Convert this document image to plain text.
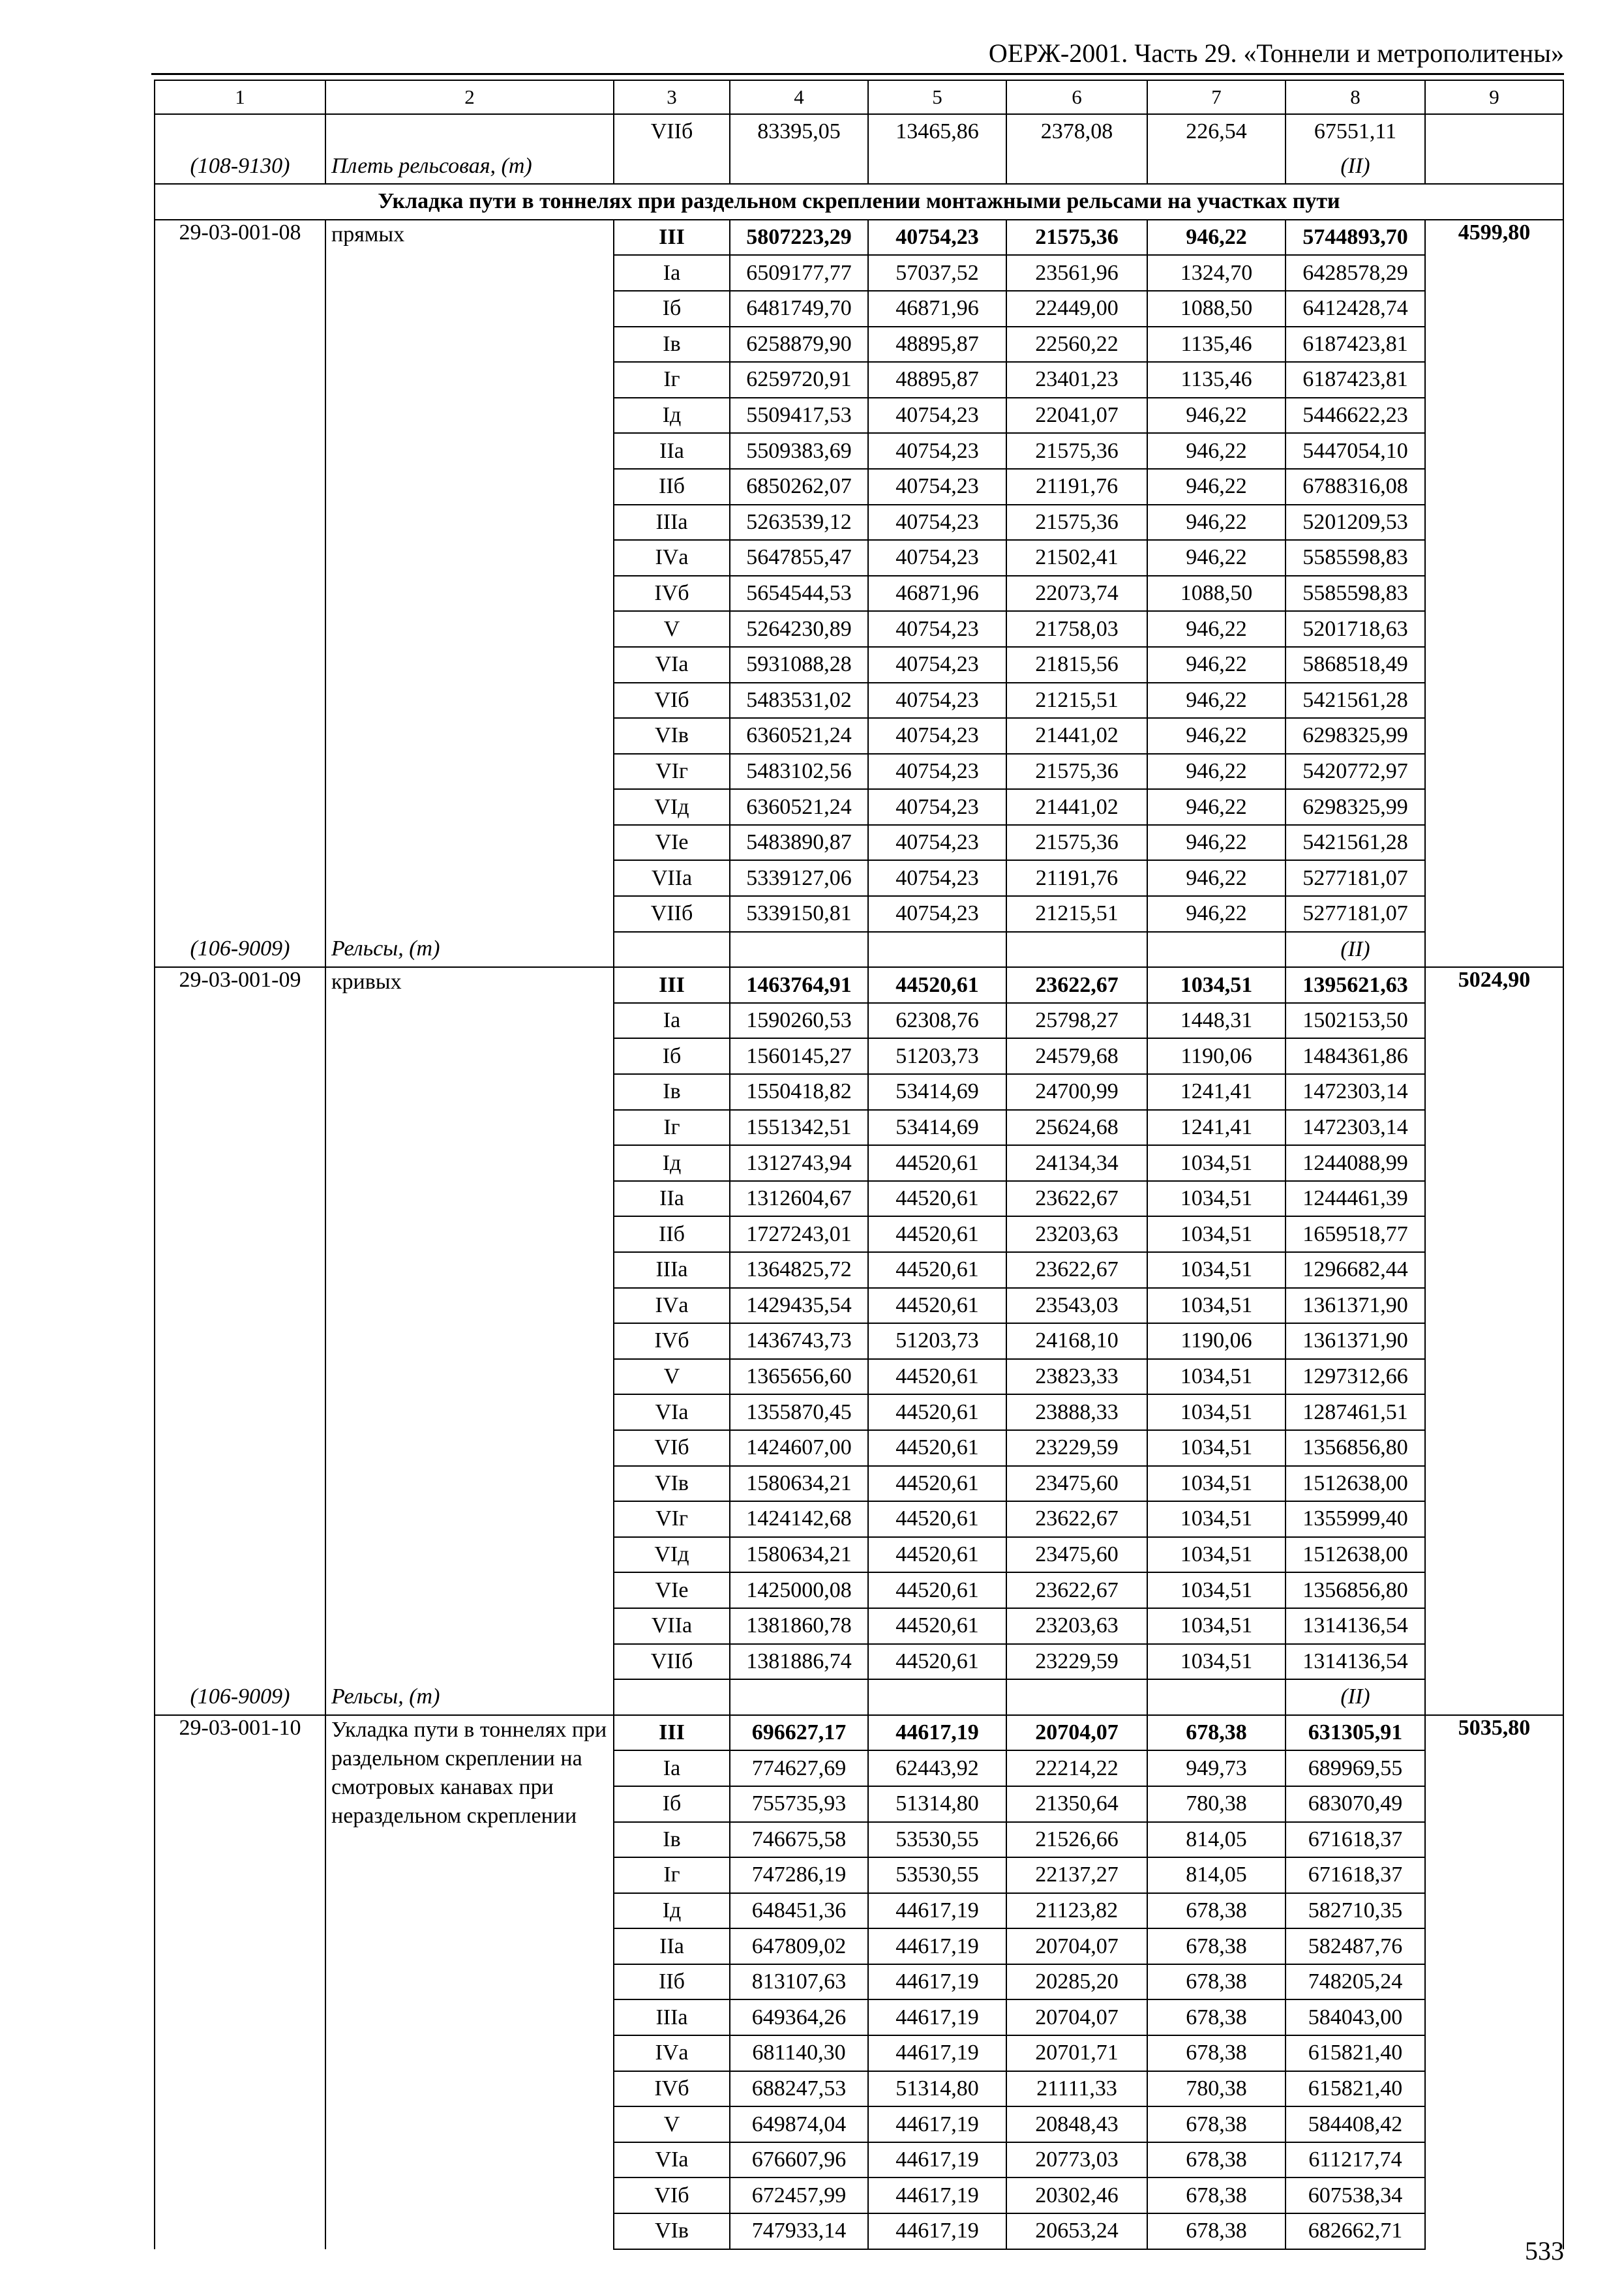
ОЕРЖ-2001. Часть 29. «Тоннели и метрополитены»
1	2	3	4	5	6	7	8	9
		VIIб	83395,05	13465,86	2378,08	226,54	67551,11	
(108-9130)	Плеть рельсовая, (т)						(II)	
Укладка пути в тоннелях при раздельном скреплении монтажными рельсами на участках пути								
29-03-001-08	прямых	III	5807223,29	40754,23	21575,36	946,22	5744893,70	4599,80
		Iа	6509177,77	57037,52	23561,96	1324,70	6428578,29	
		Iб	6481749,70	46871,96	22449,00	1088,50	6412428,74	
		Iв	6258879,90	48895,87	22560,22	1135,46	6187423,81	
		Iг	6259720,91	48895,87	23401,23	1135,46	6187423,81	
		Iд	5509417,53	40754,23	22041,07	946,22	5446622,23	
		IIа	5509383,69	40754,23	21575,36	946,22	5447054,10	
		IIб	6850262,07	40754,23	21191,76	946,22	6788316,08	
		IIIа	5263539,12	40754,23	21575,36	946,22	5201209,53	
		IVа	5647855,47	40754,23	21502,41	946,22	5585598,83	
		IVб	5654544,53	46871,96	22073,74	1088,50	5585598,83	
		V	5264230,89	40754,23	21758,03	946,22	5201718,63	
		VIа	5931088,28	40754,23	21815,56	946,22	5868518,49	
		VIб	5483531,02	40754,23	21215,51	946,22	5421561,28	
		VIв	6360521,24	40754,23	21441,02	946,22	6298325,99	
		VIг	5483102,56	40754,23	21575,36	946,22	5420772,97	
		VIд	6360521,24	40754,23	21441,02	946,22	6298325,99	
		VIе	5483890,87	40754,23	21575,36	946,22	5421561,28	
		VIIа	5339127,06	40754,23	21191,76	946,22	5277181,07	
		VIIб	5339150,81	40754,23	21215,51	946,22	5277181,07	
(106-9009)	Рельсы, (т)						(II)	
29-03-001-09	кривых	III	1463764,91	44520,61	23622,67	1034,51	1395621,63	5024,90
		Iа	1590260,53	62308,76	25798,27	1448,31	1502153,50	
		Iб	1560145,27	51203,73	24579,68	1190,06	1484361,86	
		Iв	1550418,82	53414,69	24700,99	1241,41	1472303,14	
		Iг	1551342,51	53414,69	25624,68	1241,41	1472303,14	
		Iд	1312743,94	44520,61	24134,34	1034,51	1244088,99	
		IIа	1312604,67	44520,61	23622,67	1034,51	1244461,39	
		IIб	1727243,01	44520,61	23203,63	1034,51	1659518,77	
		IIIа	1364825,72	44520,61	23622,67	1034,51	1296682,44	
		IVа	1429435,54	44520,61	23543,03	1034,51	1361371,90	
		IVб	1436743,73	51203,73	24168,10	1190,06	1361371,90	
		V	1365656,60	44520,61	23823,33	1034,51	1297312,66	
		VIа	1355870,45	44520,61	23888,33	1034,51	1287461,51	
		VIб	1424607,00	44520,61	23229,59	1034,51	1356856,80	
		VIв	1580634,21	44520,61	23475,60	1034,51	1512638,00	
		VIг	1424142,68	44520,61	23622,67	1034,51	1355999,40	
		VIд	1580634,21	44520,61	23475,60	1034,51	1512638,00	
		VIе	1425000,08	44520,61	23622,67	1034,51	1356856,80	
		VIIа	1381860,78	44520,61	23203,63	1034,51	1314136,54	
		VIIб	1381886,74	44520,61	23229,59	1034,51	1314136,54	
(106-9009)	Рельсы, (т)						(II)	
29-03-001-10	Укладка пути в тоннелях при раздельном скреплении на смотровых канавах при нераздельном скреплении	III	696627,17	44617,19	20704,07	678,38	631305,91	5035,80
		Iа	774627,69	62443,92	22214,22	949,73	689969,55	
		Iб	755735,93	51314,80	21350,64	780,38	683070,49	
		Iв	746675,58	53530,55	21526,66	814,05	671618,37	
		Iг	747286,19	53530,55	22137,27	814,05	671618,37	
		Iд	648451,36	44617,19	21123,82	678,38	582710,35	
		IIа	647809,02	44617,19	20704,07	678,38	582487,76	
		IIб	813107,63	44617,19	20285,20	678,38	748205,24	
		IIIа	649364,26	44617,19	20704,07	678,38	584043,00	
		IVа	681140,30	44617,19	20701,71	678,38	615821,40	
		IVб	688247,53	51314,80	21111,33	780,38	615821,40	
		V	649874,04	44617,19	20848,43	678,38	584408,42	
		VIа	676607,96	44617,19	20773,03	678,38	611217,74	
		VIб	672457,99	44617,19	20302,46	678,38	607538,34	
		VIв	747933,14	44617,19	20653,24	678,38	682662,71	
533
